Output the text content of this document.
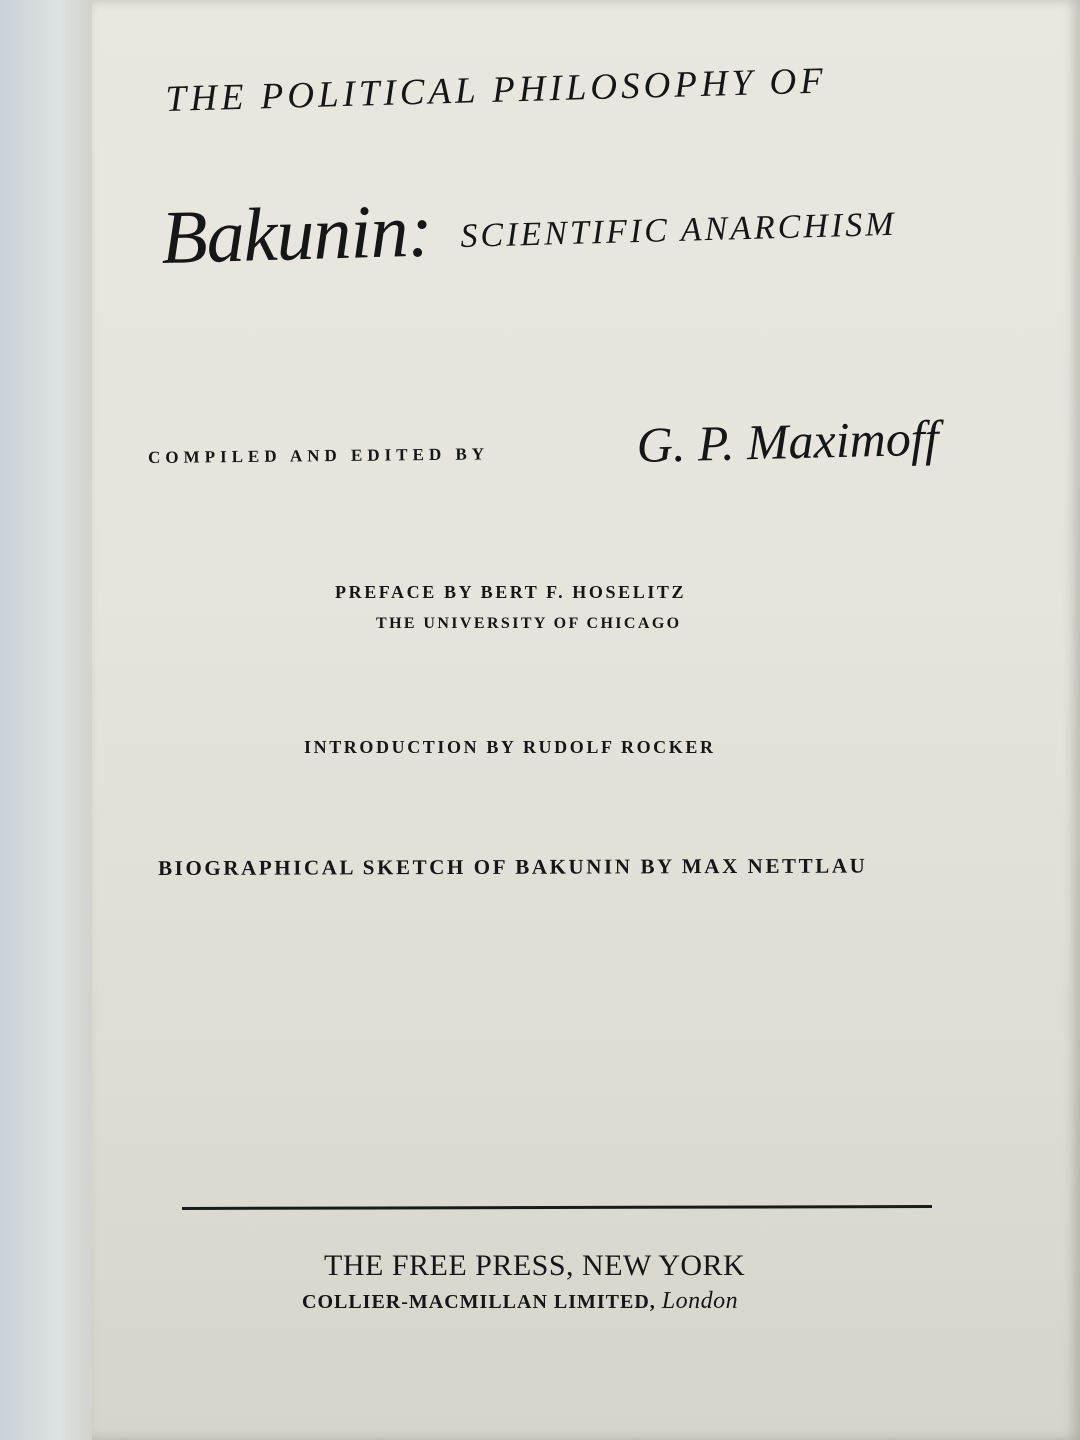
THE POLITICAL PHILOSOPHY OF
Bakunin: SCIENTIFIC ANARCHISM
COMPILED AND EDITED BY	G. P. Maximoff
PREFACE BY BERT F. HOSELITZ
THE UNIVERSITY OF CHICAGO
INTRODUCTION BY RUDOLF ROCKER
BIOGRAPHICAL SKETCH OF BAKUNIN BY MAX NETTLAU
THE FREE PRESS, NEW YORK
COLLIER-MACMILLAN LIMITED, London
